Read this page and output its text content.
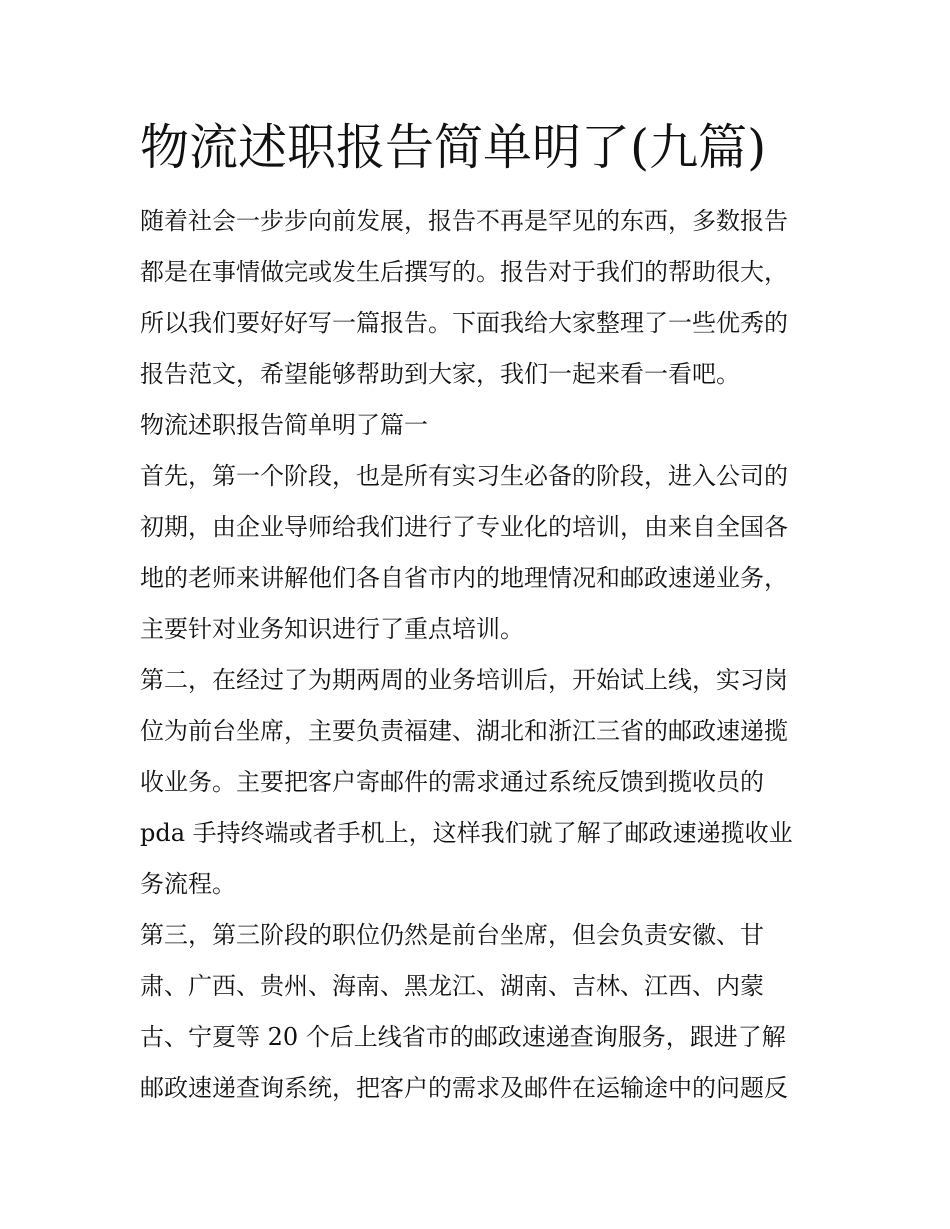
物流述职报告简单明了(九篇)

随着社会一步步向前发展，报告不再是罕见的东西，多数报告
都是在事情做完或发生后撰写的。报告对于我们的帮助很大，
所以我们要好好写一篇报告。下面我给大家整理了一些优秀的
报告范文，希望能够帮助到大家，我们一起来看一看吧。

物流述职报告简单明了篇一

首先，第一个阶段，也是所有实习生必备的阶段，进入公司的
初期，由企业导师给我们进行了专业化的培训，由来自全国各
地的老师来讲解他们各自省市内的地理情况和邮政速递业务，
主要针对业务知识进行了重点培训。

第二，在经过了为期两周的业务培训后，开始试上线，实习岗
位为前台坐席，主要负责福建、湖北和浙江三省的邮政速递揽
收业务。主要把客户寄邮件的需求通过系统反馈到揽收员的
pda 手持终端或者手机上，这样我们就了解了邮政速递揽收业
务流程。

第三，第三阶段的职位仍然是前台坐席，但会负责安徽、甘
肃、广西、贵州、海南、黑龙江、湖南、吉林、江西、内蒙
古、宁夏等 20 个后上线省市的邮政速递查询服务，跟进了解
邮政速递查询系统，把客户的需求及邮件在运输途中的问题反
